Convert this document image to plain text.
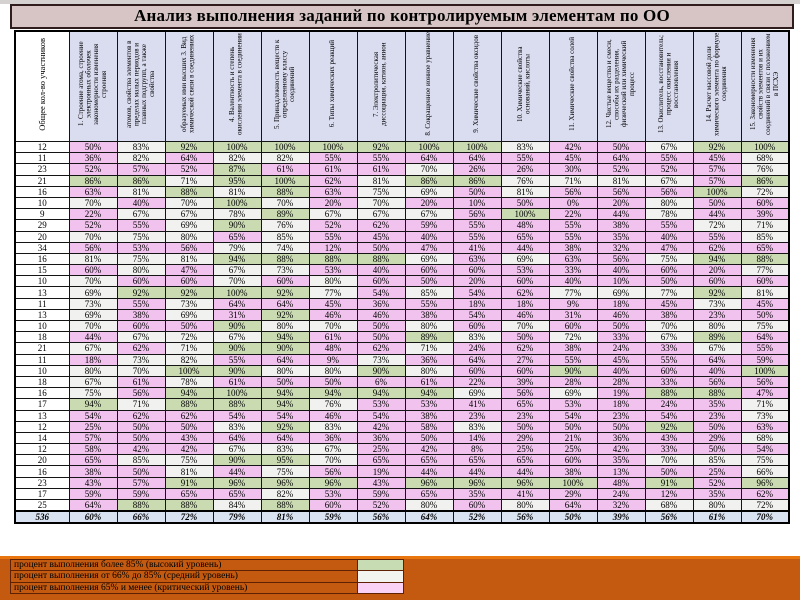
Анализ выполнения заданий по контролируемым элементам по ОО
Общее кол-во участников	1. Строение атома, строение электронных оболочек закономерности изменения строения	атомов, свойства элементов в пределах малых периодов и главных подгрупп, а также свойства	образуемых ими высших 3. Вид химической связи в соединениях	4. Валентность и степень окисления элемента в соединении	5. Принадлежность веществ к определенному классу соединений	6. Типы химических реакций	7. Электролитическая диссоциация, катион, анион	8. Сокращенное ионное уравнение	9. Химические свойства оксидов	10. Химические свойства оснований, кислоты	11. Химические свойства солей	12. Чистые вещества и смеси, способы их разделения, физический или химический процесс	13. Окислитель, восстановитель; процесс окисления и восстановления	14. Расчет массовой доли химического элемента по формуле соединения	15. Закономерности изменения свойств элементов и их соединений в связи с положением в ПСХЭ
12	50%	83%	92%	100%	100%	100%	92%	100%	100%	83%	42%	50%	67%	92%	100%
11	36%	82%	64%	82%	82%	55%	55%	64%	64%	55%	45%	64%	55%	45%	68%
23	52%	57%	52%	87%	61%	61%	61%	70%	26%	26%	30%	52%	52%	57%	76%
21	86%	86%	71%	95%	100%	62%	81%	86%	86%	76%	71%	81%	67%	57%	86%
16	63%	81%	88%	81%	88%	63%	75%	69%	50%	81%	56%	56%	56%	100%	72%
10	70%	40%	70%	100%	70%	20%	70%	20%	10%	50%	0%	20%	80%	50%	60%
9	22%	67%	67%	78%	89%	67%	67%	67%	56%	100%	22%	44%	78%	44%	39%
29	52%	55%	69%	90%	76%	52%	62%	59%	55%	48%	55%	38%	55%	72%	71%
20	70%	75%	80%	65%	85%	55%	45%	40%	55%	65%	55%	35%	40%	55%	85%
34	56%	53%	56%	79%	74%	12%	50%	47%	41%	44%	38%	32%	47%	62%	65%
16	81%	75%	81%	94%	88%	88%	88%	69%	63%	69%	63%	56%	75%	94%	88%
15	60%	80%	47%	67%	73%	53%	40%	60%	60%	53%	33%	40%	60%	20%	77%
10	70%	60%	60%	70%	60%	80%	60%	50%	20%	60%	40%	10%	50%	60%	60%
13	69%	92%	92%	100%	92%	77%	54%	85%	54%	62%	77%	69%	77%	92%	81%
11	73%	55%	73%	64%	64%	45%	36%	55%	18%	18%	9%	18%	45%	73%	45%
13	69%	38%	69%	31%	92%	46%	46%	38%	54%	46%	31%	46%	38%	23%	50%
10	70%	60%	50%	90%	80%	70%	50%	80%	60%	70%	60%	50%	70%	80%	75%
18	44%	67%	72%	67%	94%	61%	50%	89%	83%	50%	72%	33%	67%	89%	64%
21	67%	62%	71%	90%	90%	48%	62%	71%	24%	62%	38%	24%	33%	67%	55%
11	18%	73%	82%	55%	64%	9%	73%	36%	64%	27%	55%	45%	55%	64%	59%
10	80%	70%	100%	90%	80%	80%	90%	80%	60%	60%	90%	40%	60%	40%	100%
18	67%	61%	78%	61%	50%	50%	6%	61%	22%	39%	28%	28%	33%	56%	56%
16	75%	56%	94%	100%	94%	94%	94%	94%	69%	56%	69%	19%	88%	88%	47%
17	94%	71%	88%	88%	94%	76%	53%	53%	41%	65%	53%	18%	24%	35%	71%
13	54%	62%	62%	54%	54%	46%	54%	38%	23%	23%	54%	23%	54%	23%	73%
12	25%	50%	50%	83%	92%	83%	42%	58%	83%	50%	50%	50%	92%	50%	63%
14	57%	50%	43%	64%	64%	36%	36%	50%	14%	29%	21%	36%	43%	29%	68%
12	58%	42%	42%	67%	83%	67%	25%	42%	8%	25%	25%	42%	33%	50%	54%
20	65%	85%	75%	90%	95%	70%	65%	65%	65%	65%	60%	35%	70%	85%	75%
16	38%	50%	81%	44%	75%	56%	19%	44%	44%	44%	38%	13%	50%	25%	66%
23	43%	57%	91%	96%	96%	96%	43%	96%	96%	96%	100%	48%	91%	52%	96%
17	59%	59%	65%	65%	82%	53%	59%	65%	35%	41%	29%	24%	12%	35%	62%
25	64%	88%	88%	84%	88%	60%	52%	80%	60%	80%	64%	32%	68%	80%	72%
536	60%	66%	72%	79%	81%	59%	56%	64%	52%	56%	50%	39%	56%	61%	70%
процент выполнения более 85% (высокий уровень)
процент выполнения от 66% до 85% (средний уровень)
процент выполнения 65% и менее (критический уровень)
